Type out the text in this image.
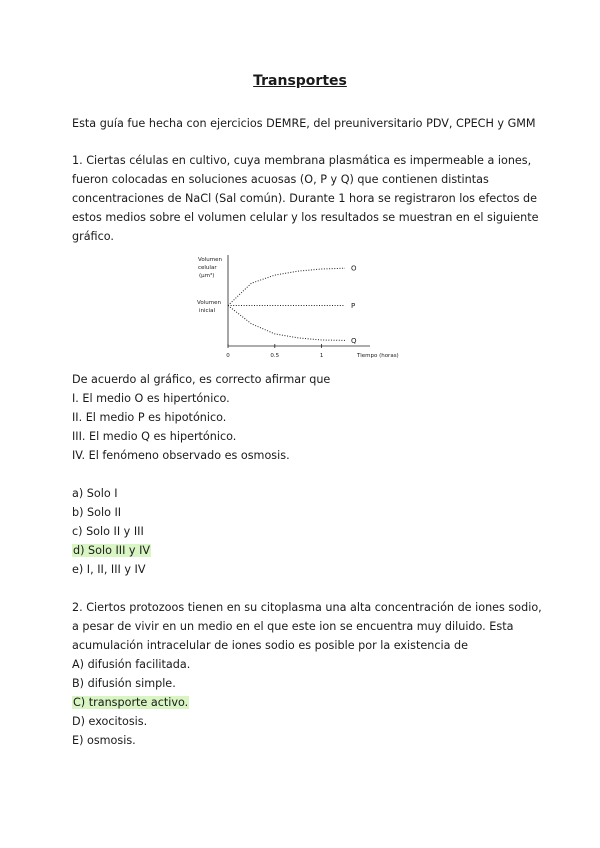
Transportes
Esta guía fue hecha con ejercicios DEMRE, del preuniversitario PDV, CPECH y GMM
1. Ciertas células en cultivo, cuya membrana plasmática es impermeable a iones,
fueron colocadas en soluciones acuosas (O, P y Q) que contienen distintas
concentraciones de NaCl (Sal común). Durante 1 hora se registraron los efectos de
estos medios sobre el volumen celular y los resultados se muestran en el siguiente
gráfico.
Volumen
celular
(μm³)
Volumen
inicial
O
P
Q
0	0.5	1	Tiempo (horas)
De acuerdo al gráfico, es correcto afirmar que
I. El medio O es hipertónico.
II. El medio P es hipotónico.
III. El medio Q es hipertónico.
IV. El fenómeno observado es osmosis.
a) Solo I
b) Solo II
c) Solo II y III
d) Solo III y IV
e) I, II, III y IV
2. Ciertos protozoos tienen en su citoplasma una alta concentración de iones sodio,
a pesar de vivir en un medio en el que este ion se encuentra muy diluido. Esta
acumulación intracelular de iones sodio es posible por la existencia de
A) difusión facilitada.
B) difusión simple.
C) transporte activo.
D) exocitosis.
E) osmosis.
